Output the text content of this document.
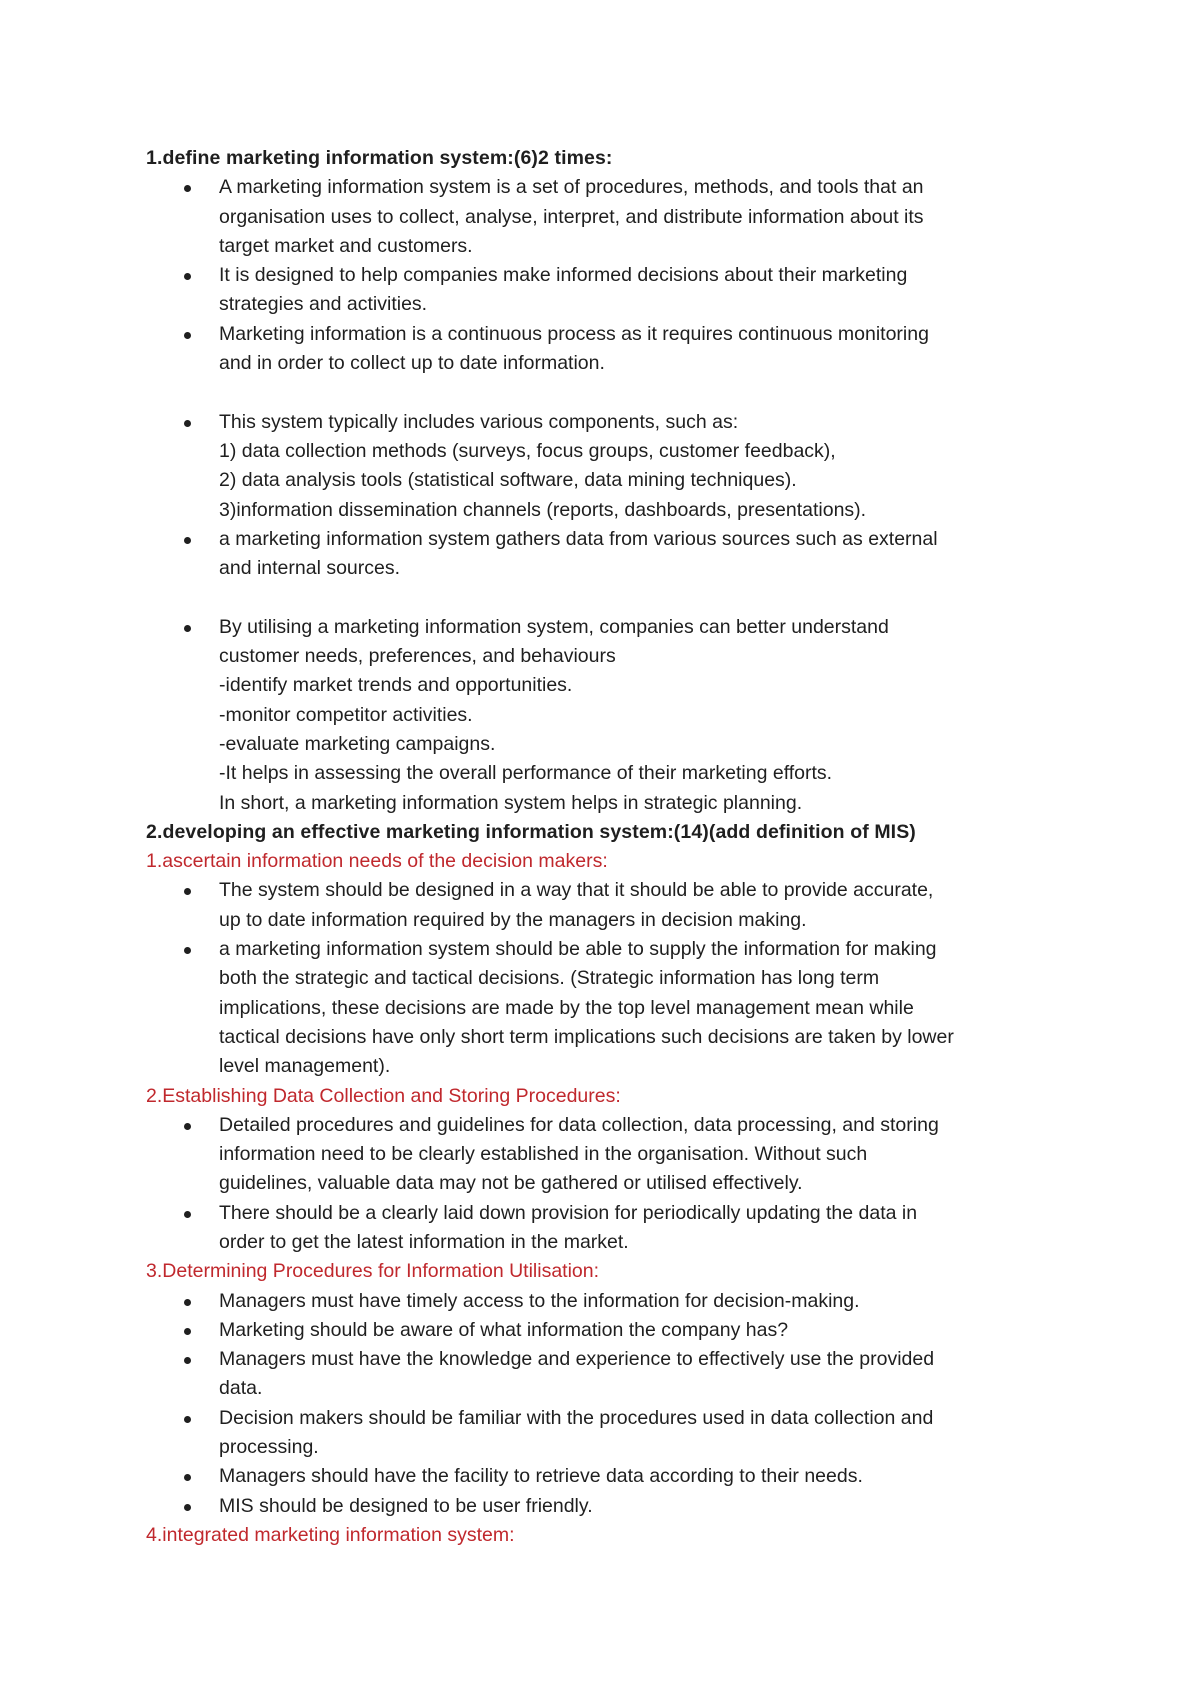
1.define marketing information system:(6)2 times:

A marketing information system is a set of procedures, methods, and tools that an
organisation uses to collect, analyse, interpret, and distribute information about its
target market and customers.
It is designed to help companies make informed decisions about their marketing
strategies and activities.
Marketing information is a continuous process as it requires continuous monitoring
and in order to collect up to date information.
This system typically includes various components, such as:
1) data collection methods (surveys, focus groups, customer feedback),
2) data analysis tools (statistical software, data mining techniques).
3)information dissemination channels (reports, dashboards, presentations).
a marketing information system gathers data from various sources such as external
and internal sources.
By utilising a marketing information system, companies can better understand
customer needs, preferences, and behaviours
-identify market trends and opportunities.
-monitor competitor activities.
-evaluate marketing campaigns.
-It helps in assessing the overall performance of their marketing efforts.
In short, a marketing information system helps in strategic planning.

2.developing an effective marketing information system:(14)(add definition of MIS)

1.ascertain information needs of the decision makers:

The system should be designed in a way that it should be able to provide accurate,
up to date information required by the managers in decision making.
a marketing information system should be able to supply the information for making
both the strategic and tactical decisions. (Strategic information has long term
implications, these decisions are made by the top level management mean while
tactical decisions have only short term implications such decisions are taken by lower
level management).

2.Establishing Data Collection and Storing Procedures:

Detailed procedures and guidelines for data collection, data processing, and storing
information need to be clearly established in the organisation. Without such
guidelines, valuable data may not be gathered or utilised effectively.
There should be a clearly laid down provision for periodically updating the data in
order to get the latest information in the market.

3.Determining Procedures for Information Utilisation:

Managers must have timely access to the information for decision-making.
Marketing should be aware of what information the company has?
Managers must have the knowledge and experience to effectively use the provided
data.
Decision makers should be familiar with the procedures used in data collection and
processing.
Managers should have the facility to retrieve data according to their needs.
MIS should be designed to be user friendly.

4.integrated marketing information system:
